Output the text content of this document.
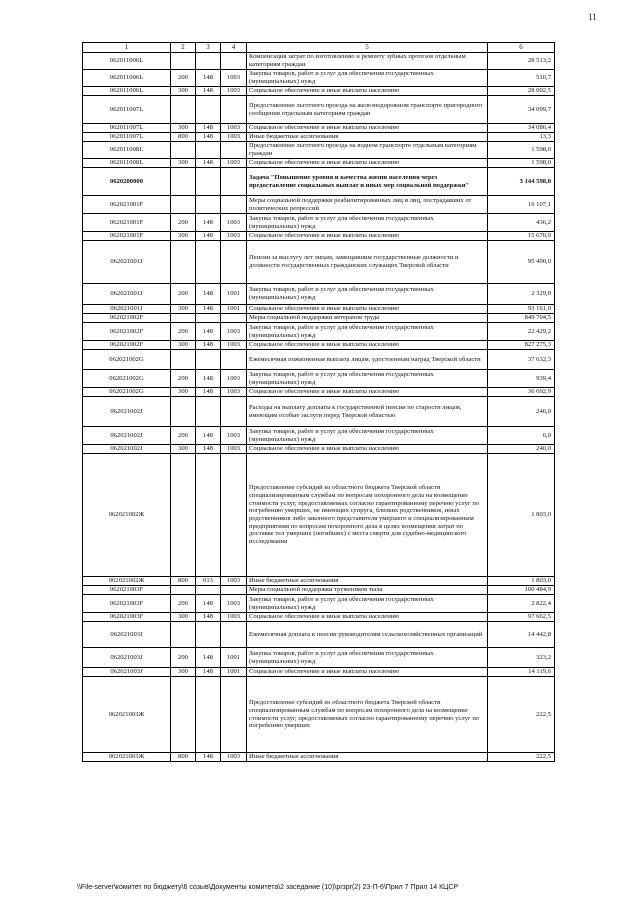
11
1	2	3	4	5	6
062011006L				Компенсация затрат по изготовлению и ремонту зубных протезов отдельным категориям граждан	28 513,2
062011006L	200	148	1003	Закупка товаров, работ и услуг для обеспечения государственных (муниципальных) нужд	510,7
062011006L	300	148	1003	Социальное обеспечение и иные выплаты населению	28 002,5
062011007L				Предоставление льготного проезда на железнодорожном транспорте пригородного сообщения отдельным категориям граждан	34 099,7
062011007L	300	148	1003	Социальное обеспечение и иные выплаты населению	34 086,4
062011007L	800	148	1003	Иные бюджетные ассигнования	13,3
062011008L				Предоставление льготного проезда на водном транспорте отдельным категориям граждан	1 598,0
062011008L	300	148	1003	Социальное обеспечение и иные выплаты населению	1 598,0
0620200000				Задача "Повышение уровня и качества жизни населения через предоставление социальных выплат и иных мер социальной поддержки"	3 144 598,0
062021001F				Меры социальной поддержки реабилитированных лиц и лиц, пострадавших от политических репрессий	16 107,1
062021001F	200	148	1003	Закупка товаров, работ и услуг для обеспечения государственных (муниципальных) нужд	436,2
062021001F	300	148	1003	Социальное обеспечение и иные выплаты населению	15 670,9
062021001J				Пенсии за выслугу лет лицам, замещавшим государственные должности и должности государственных гражданских служащих Тверской области	95 490,0
062021001J	200	148	1001	Закупка товаров, работ и услуг для обеспечения государственных (муниципальных) нужд	2 329,0
062021001J	300	148	1001	Социальное обеспечение и иные выплаты населению	93 161,0
062021002F				Меры социальной поддержки ветеранов труда	849 704,5
062021002F	200	148	1003	Закупка товаров, работ и услуг для обеспечения государственных (муниципальных) нужд	22 429,2
062021002F	300	148	1003	Социальное обеспечение и иные выплаты населению	827 275,3
062021002G				Ежемесячная пожизненная выплата лицам, удостоенным наград Тверской области	37 632,3
062021002G	200	148	1003	Закупка товаров, работ и услуг для обеспечения государственных (муниципальных) нужд	939,4
062021002G	300	148	1003	Социальное обеспечение и иные выплаты населению	36 692,9
062021002J				Расходы на выплату доплаты к государственной пенсии по старости лицам, имеющим особые заслуги перед Тверской областью	246,0
062021002J	200	148	1003	Закупка товаров, работ и услуг для обеспечения государственных (муниципальных) нужд	6,0
062021002J	300	148	1003	Социальное обеспечение и иные выплаты населению	240,0
062021002Ж				Предоставление субсидий из областного бюджета Тверской области специализированным службам по вопросам похоронного дела на возмещение стоимости услуг, предоставляемых согласно гарантированному перечню услуг по погребению умерших, не имеющих супруга, близких родственников, иных родственников либо законного представителя умершего и специализированным предприятиям по вопросам похоронного дела в целях возмещения затрат по доставке тел умерших (погибших) с места смерти для судебно-медицинского исследования	1 803,0
062021002Ж	800	013	1003	Иные бюджетные ассигнования	1 803,0
062021003F				Меры социальной поддержки тружеников тыла	100 484,9
062021003F	200	148	1003	Закупка товаров, работ и услуг для обеспечения государственных (муниципальных) нужд	2 822,4
062021003F	300	148	1003	Социальное обеспечение и иные выплаты населению	97 662,5
062021003J				Ежемесячная доплата к пенсии руководителям сельскохозяйственных организаций	14 442,8
062021003J	200	148	1001	Закупка товаров, работ и услуг для обеспечения государственных (муниципальных) нужд	323,2
062021003J	300	148	1001	Социальное обеспечение и иные выплаты населению	14 119,6
062021003Ж				Предоставление субсидий из областного бюджета Тверской области специализированным службам по вопросам похоронного дела на возмещение стоимости услуг, предоставляемых согласно гарантированному перечню услуг по погребению умерших	222,5
062021003Ж	800	148	1003	Иные бюджетные ассигнования	222,5
\\File-server\комитет по бюджету\6 созыв\Документы комитета\2 заседание (10)\рrзрr(2) 23-П-6\Прил 7 Прил 14 КЦСР
